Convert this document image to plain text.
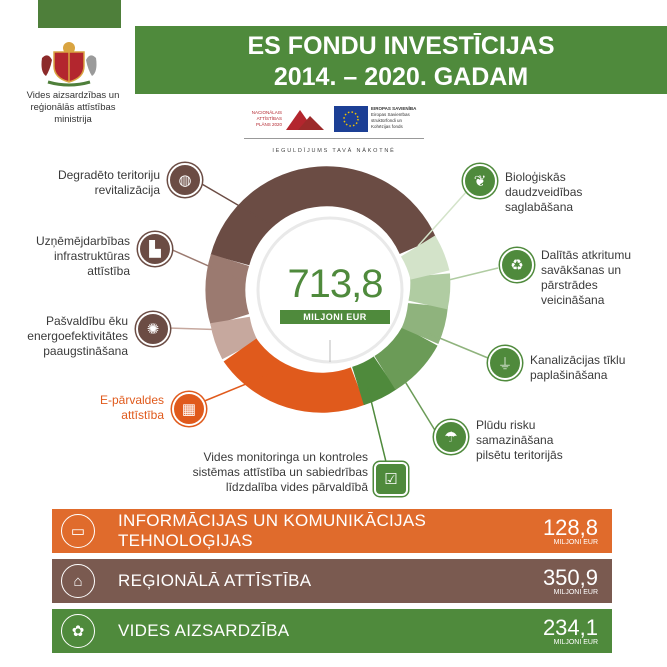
ES FONDU INVESTĪCIJAS
2014. – 2020. GADAM
Vides aizsardzības un
reģionālās attīstības
ministrija
NACIONĀLAIS
ATTĪSTĪBAS
PLĀNS 2020
EIROPAS SAVIENĪBA
Eiropas Savienības
struktūrfondi un
Kohēzijas fonds
IEGULDĪJUMS TAVĀ NĀKOTNĒ
713,8
MILJONI EUR
Degradēto teritoriju
revitalizācija
◍
Uzņēmējdarbības
infrastruktūras
attīstība
▙
Pašvaldību ēku
energoefektivitātes
paaugstināšana
✺
E-pārvaldes
attīstība	▦
❦	Bioloģiskās
daudzveidības
saglabāšana
♻
Dalītās atkritumu
savākšanas un
pārstrādes
veicināšana
⏚	Kanalizācijas tīklu
paplašināšana
☂
Plūdu risku
samazināšana
pilsētu teritorijās
Vides monitoringa un kontroles
sistēmas attīstība un sabiedrības
līdzdalība vides pārvaldībā	☑
▭
INFORMĀCIJAS UN KOMUNIKĀCIJAS TEHNOLOĢIJAS
128,8
MILJONI EUR
⌂	REĢIONĀLĀ ATTĪSTĪBA	350,9
MILJONI EUR
✿	VIDES AIZSARDZĪBA	234,1
MILJONI EUR
